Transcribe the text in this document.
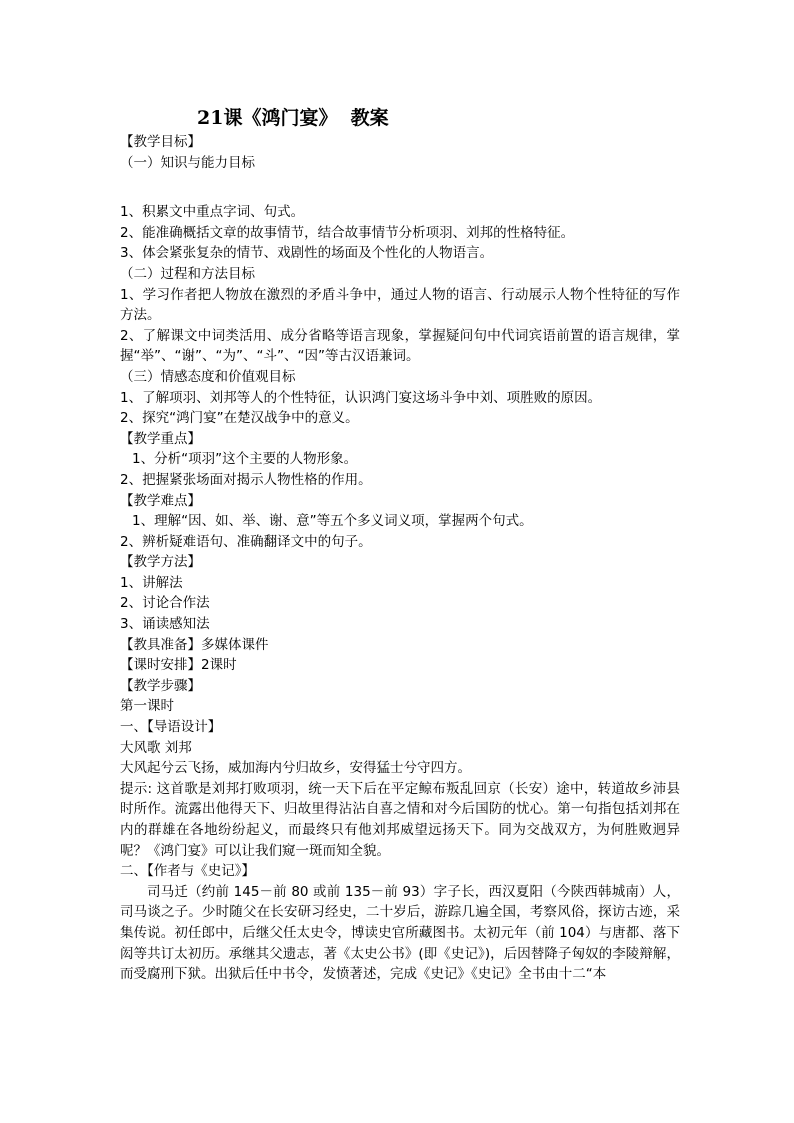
21课《鸿门宴》  教案
【教学目标】
（一）知识与能力目标
1、积累文中重点字词、句式。
2、能准确概括文章的故事情节，结合故事情节分析项羽、刘邦的性格特征。
3、体会紧张复杂的情节、戏剧性的场面及个性化的人物语言。
（二）过程和方法目标
1、学习作者把人物放在激烈的矛盾斗争中，通过人物的语言、行动展示人物个性特征的写作方法。
2、了解课文中词类活用、成分省略等语言现象，掌握疑问句中代词宾语前置的语言规律，掌握“举”、“谢”、“为”、“斗”、“因”等古汉语兼词。
（三）情感态度和价值观目标
1、了解项羽、刘邦等人的个性特征，认识鸿门宴这场斗争中刘、项胜败的原因。
2、探究“鸿门宴”在楚汉战争中的意义。
【教学重点】
1、分析“项羽”这个主要的人物形象。
2、把握紧张场面对揭示人物性格的作用。
【教学难点】
1、理解“因、如、举、谢、意”等五个多义词义项，掌握两个句式。
2、辨析疑难语句、准确翻译文中的句子。
【教学方法】
1、讲解法
2、讨论合作法
3、诵读感知法
【教具准备】多媒体课件
【课时安排】2课时
【教学步骤】
第一课时
一、【导语设计】
大风歌 刘邦
大风起兮云飞扬，威加海内兮归故乡，安得猛士兮守四方。
提示: 这首歌是刘邦打败项羽，统一天下后在平定鲸布叛乱回京（长安）途中，转道故乡沛县时所作。流露出他得天下、归故里得沾沾自喜之情和对今后国防的忧心。第一句指包括刘邦在内的群雄在各地纷纷起义，而最终只有他刘邦威望远扬天下。同为交战双方，为何胜败迥异呢？《鸿门宴》可以让我们窥一斑而知全貌。
二、【作者与《史记》】
司马迁（约前 145－前 80 或前 135－前 93）字子长，西汉夏阳（今陕西韩城南）人，司马谈之子。少时随父在长安研习经史，二十岁后，游踪几遍全国，考察风俗，探访古迹，采集传说。初任郎中，后继父任太史令，博读史官所藏图书。太初元年（前 104）与唐都、落下闳等共订太初历。承继其父遗志，著《太史公书》(即《史记》)，后因替降子匈奴的李陵辩解，而受腐刑下狱。出狱后任中书令，发愤著述，完成《史记》《史记》全书由十二“本
